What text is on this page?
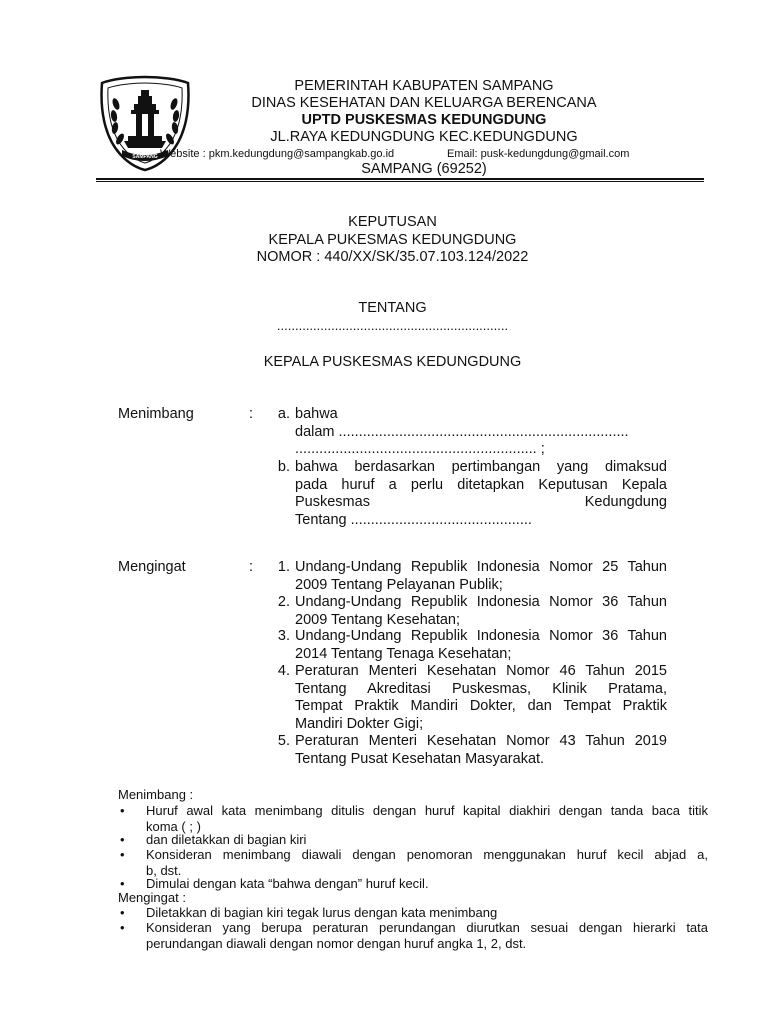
SAMPANG
PEMERINTAH KABUPATEN SAMPANG
DINAS KESEHATAN DAN KELUARGA BERENCANA
UPTD PUSKESMAS KEDUNGDUNG
JL.RAYA KEDUNGDUNG KEC.KEDUNGDUNG
Website : pkm.kedungdung@sampangkab.go.id	Email: pusk-kedungdung@gmail.com
SAMPANG (69252)
KEPUTUSAN
KEPALA PUKESMAS KEDUNGDUNG
NOMOR : 440/XX/SK/35.07.103.124/2022
TENTANG
................................................................
KEPALA PUSKESMAS KEDUNGDUNG
Menimbang	:	a. bahwa
dalam ........................................................................
............................................................ ;
b. bahwa berdasarkan pertimbangan yang dimaksud
pada huruf a perlu ditetapkan Keputusan Kepala
Puskesmas	Kedungdung
Tentang .............................................
Mengingat	:	1. Undang-Undang Republik Indonesia Nomor 25 Tahun
2009 Tentang Pelayanan Publik;
2. Undang-Undang Republik Indonesia Nomor 36 Tahun
2009 Tentang Kesehatan;
3. Undang-Undang Republik Indonesia Nomor 36 Tahun
2014 Tentang Tenaga Kesehatan;
4. Peraturan Menteri Kesehatan Nomor 46 Tahun 2015
Tentang Akreditasi Puskesmas, Klinik Pratama,
Tempat Praktik Mandiri Dokter, dan Tempat Praktik
Mandiri Dokter Gigi;
5. Peraturan Menteri Kesehatan Nomor 43 Tahun 2019
Tentang Pusat Kesehatan Masyarakat.
Menimbang :
• Huruf awal kata menimbang ditulis dengan huruf kapital diakhiri dengan tanda baca titik
koma ( ; )
• dan diletakkan di bagian kiri
• Konsideran menimbang diawali dengan penomoran menggunakan huruf kecil abjad a,
b, dst.
• Dimulai dengan kata “bahwa dengan” huruf kecil.
Mengingat :
• Diletakkan di bagian kiri tegak lurus dengan kata menimbang
• Konsideran yang berupa peraturan perundangan diurutkan sesuai dengan hierarki tata
perundangan diawali dengan nomor dengan huruf angka 1, 2, dst.
